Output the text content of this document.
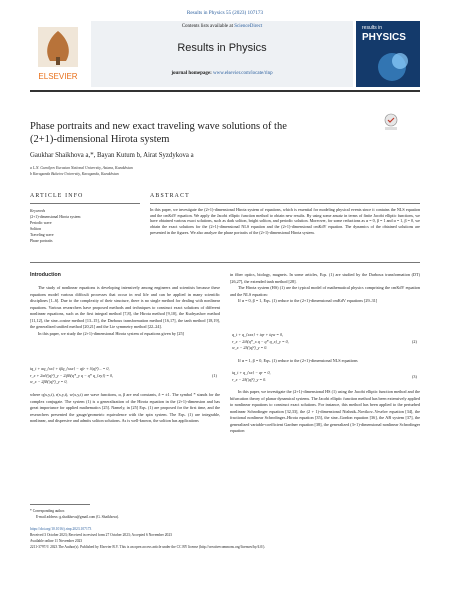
Results in Physics 55 (2023) 107173
ELSEVIER
Contents lists available at ScienceDirect
Results in Physics
journal homepage: www.elsevier.com/locate/rinp
results in
PHYSICS
Phase portraits and new exact traveling wave solutions of the
(2+1)-dimensional Hirota system
Gaukhar Shaikhova a,*, Bayan Kutum b, Airat Syzdykova a
a L.N. Gumilyov Eurasian National University, Astana, Kazakhstan
b Karaganda Buketov University, Karaganda, Kazakhstan
ARTICLE INFO	ABSTRACT
Keywords
(2+1)-dimensional Hirota system
Periodic wave
Soliton
Traveling wave
Phase portraits
In this paper, we investigate the (2+1)-dimensional Hirota system of equations, which is essential for modeling physical events since it contains the NLS equation and the cmKdV equation. We apply the Jacobi elliptic function method to obtain new results. By using some ansatz in terms of finite Jacobi elliptic functions, we have obtained various exact solutions, such as dark soliton, bright soliton, and periodic solution. Moreover, for some reductions as α = 0, β = 1 and α = 1, β = 0, we obtain the exact solutions for the (2+1)-dimensional NLS equation and the (2+1)-dimensional cmKdV equation. The dynamics of the obtained solutions are presented in the figures. We also analyze the phase portraits of the (2+1)-dimensional Hirota system.
Introduction

The study of nonlinear equations is developing intensively among engineers and scientists because these equations model various difficult processes that occur in real life and can be applied in many scientific disciplines [1–6]. Due to the complexity of their structure, there is no single method for dealing with nonlinear equations. Various researchers have proposed methods and techniques to construct exact solutions of different nonlinear equations, such as the first integral method [7,8], the Hirota method [9,10], the Kudryashov method [11,12], the sine–cosine method [13–15], the Darboux transformation method [16,17], the tanh method [18,19], the generalized unified method [20,21] and the Lie symmetry method [22–24].

In this paper, we study the (2+1)-dimensional Hirota system of equations given by [25]

iq_t + αq_{xx} + iβq_{xxx} − q(r + δ|q|²)... = 0,
r_x + 2α∂(|q|²)_y − 2iβδ(q*_y q − q* q_{xy}) = 0,
w_x − 2βδ(|q|²)_y = 0,
(1)

where q(x,y,t), r(x,y,t), w(x,y,t) are wave functions, α, β are real constants, δ = ±1. The symbol * stands for the complex conjugate. The system (1) is a generalization of the Hirota equation in the (2+1)-dimension and has great importance for applied mathematics [25]. Namely, in [25] Eqs. (1) are proposed for the first time, and the researchers presented the gauge/geometric equivalence with the spin system. The Eqs. (1) are integrable, nonlinear, and dispersive and admits soliton solutions. As is well-known, the soliton has applications

in fiber optics, biology, magnets. In some articles, Eqs. (1) are studied by the Darboux transformation (DT) [26,27], the extended tanh method [28].

The Hirota system (HS) (1) are the typical model of mathematical physics comprising the cmKdV equation and the NLS equation:

If α = 0, β = 1, Eqs. (1) reduce to the (2+1)-dimensional cmKdV equations [29–31]

q_t + q_{xxx} + iqr + iqw = 0,
r_x − 2iδ(q*_x q − q* q_x)_y = 0,
w_x − 2δ(|q|²)_y = 0.
(2)

If α = 1, β = 0, Eqs. (1) reduce to the (2+1)-dimensional NLS equations

iq_t + q_{xx} − qr = 0,
r_x − 2δ(|q|²)_y = 0.
(3)

In this paper, we investigate the (2+1)-dimensional HS (1) using the Jacobi elliptic function method and the bifurcation theory of planar dynamical systems. The Jacobi elliptic function method has been extensively applied to nonlinear equations to construct exact solutions. For instance, this method has been applied to the perturbed nonlinear Schrodinger equation [32,33], the (2 + 1)-dimensional Nizhnik–Novikov–Veselov equation [34], the fractional nonlinear Schrodinger–Hirota equation [35], the sine–Gordon equation [36], the AB system [37], the generalized variable-coefficient Gardner equation [38], the generalized (3+1)-dimensional nonlinear Schrodinger equation

* Corresponding author.
E-mail address: g.shaikhova@gmail.com (G. Shaikhova).
https://doi.org/10.1016/j.rinp.2023.107173
Received 3 October 2023; Received in revised form 27 October 2023; Accepted 6 November 2023
Available online 11 November 2023
2211-3797/© 2023 The Author(s). Published by Elsevier B.V. This is an open access article under the CC BY license (http://creativecommons.org/licenses/by/4.0/).
